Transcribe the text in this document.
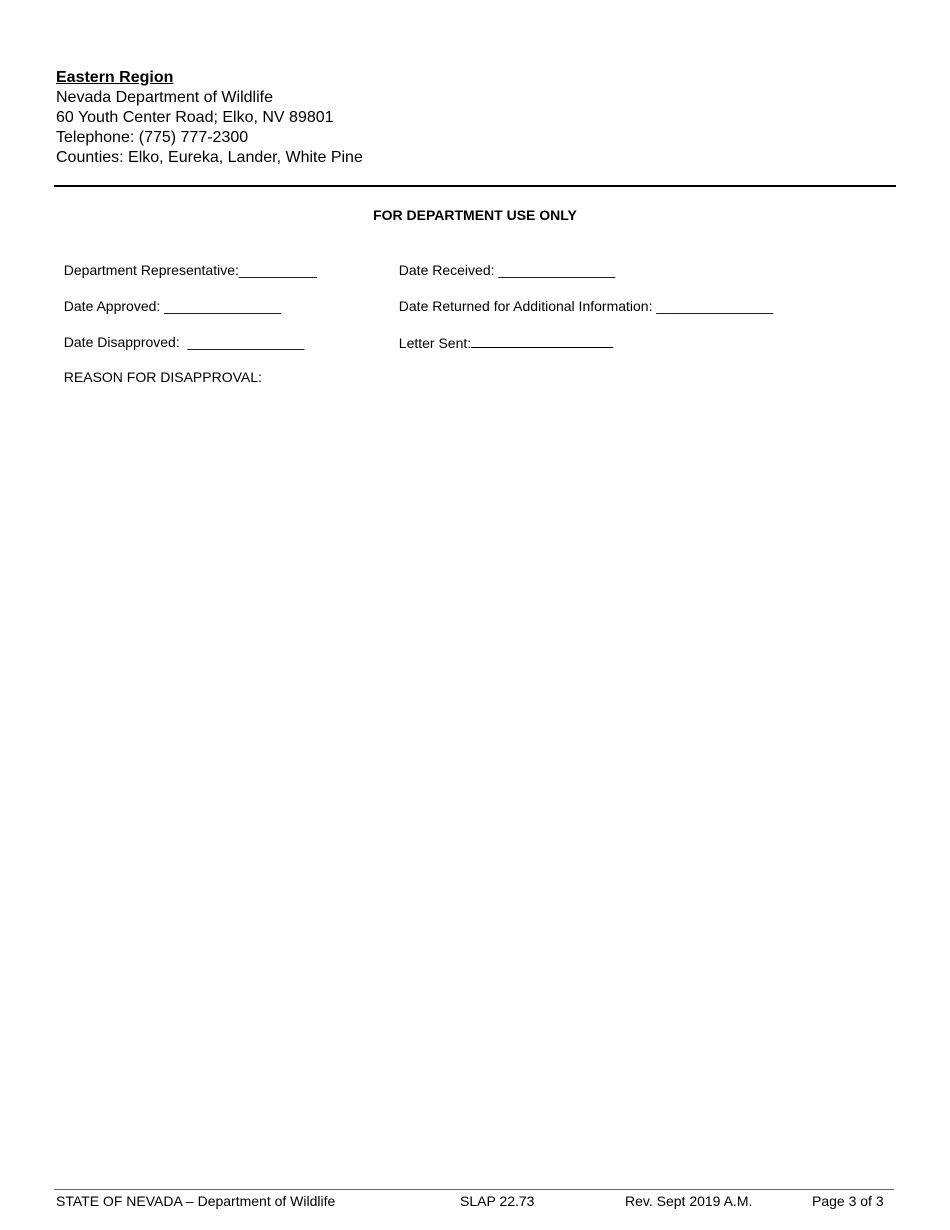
Eastern Region
Nevada Department of Wildlife
60 Youth Center Road; Elko, NV 89801
Telephone: (775) 777-2300
Counties: Elko, Eureka, Lander, White Pine
FOR DEPARTMENT USE ONLY

Department Representative:__________	Date Received: _______________

Date Approved: _______________	Date Returned for Additional Information: _______________

Date Disapproved:  _______________	Letter Sent:

REASON FOR DISAPPROVAL:

STATE OF NEVADA – Department of Wildlife	SLAP 22.73	Rev. Sept 2019 A.M.	Page 3 of 3
